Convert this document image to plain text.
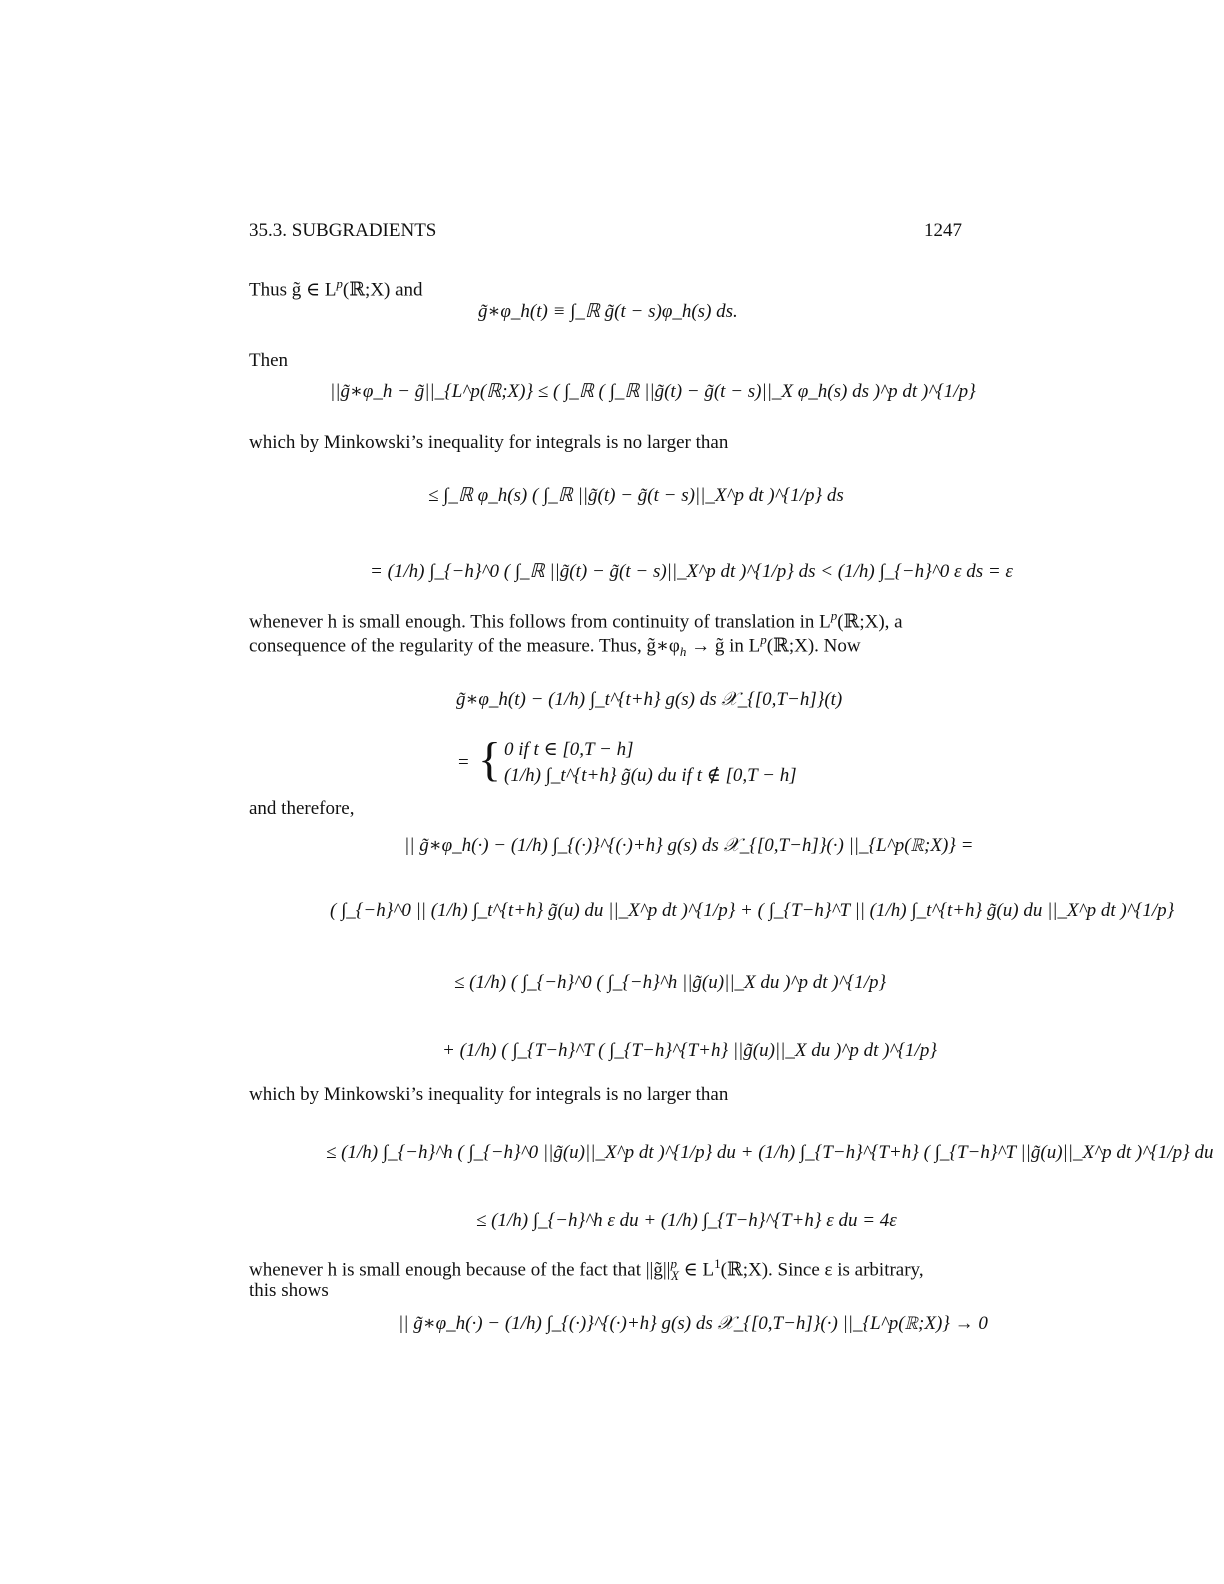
35.3. SUBGRADIENTS	1247
Thus g̃ ∈ $L^p(ℝ;X)$ and
g̃∗φ_h(t) ≡ ∫_ℝ g̃(t − s)φ_h(s) ds.
Then
||g̃∗φ_h − g̃||_{L^p(ℝ;X)} ≤ ( ∫_ℝ ( ∫_ℝ ||g̃(t) − g̃(t − s)||_X φ_h(s) ds )^p dt )^{1/p}
which by Minkowski’s inequality for integrals is no larger than
≤ ∫_ℝ φ_h(s) ( ∫_ℝ ||g̃(t) − g̃(t − s)||_X^p dt )^{1/p} ds
= (1/h) ∫_{−h}^0 ( ∫_ℝ ||g̃(t) − g̃(t − s)||_X^p dt )^{1/p} ds < (1/h) ∫_{−h}^0 ε ds = ε
whenever h is small enough. This follows from continuity of translation in $L^p(ℝ;X)$, a
consequence of the regularity of the measure. Thus, $g̃∗\varphi_h$ → g̃ in $L^p(ℝ;X)$. Now
g̃∗φ_h(t) − (1/h) ∫_t^{t+h} g(s) ds 𝒳_{[0,T−h]}(t)
= { 0 if t ∈ [0,T − h]
(1/h) ∫_t^{t+h} g̃(u) du if t ∉ [0,T − h]
and therefore,
|| g̃∗φ_h(·) − (1/h) ∫_{(·)}^{(·)+h} g(s) ds 𝒳_{[0,T−h]}(·) ||_{L^p(ℝ;X)} =
( ∫_{−h}^0 || (1/h) ∫_t^{t+h} g̃(u) du ||_X^p dt )^{1/p} + ( ∫_{T−h}^T || (1/h) ∫_t^{t+h} g̃(u) du ||_X^p dt )^{1/p}
≤ (1/h) ( ∫_{−h}^0 ( ∫_{−h}^h ||g̃(u)||_X du )^p dt )^{1/p}
+ (1/h) ( ∫_{T−h}^T ( ∫_{T−h}^{T+h} ||g̃(u)||_X du )^p dt )^{1/p}
which by Minkowski’s inequality for integrals is no larger than
≤ (1/h) ∫_{−h}^h ( ∫_{−h}^0 ||g̃(u)||_X^p dt )^{1/p} du + (1/h) ∫_{T−h}^{T+h} ( ∫_{T−h}^T ||g̃(u)||_X^p dt )^{1/p} du
≤ (1/h) ∫_{−h}^h ε du + (1/h) ∫_{T−h}^{T+h} ε du = 4ε
whenever h is small enough because of the fact that $||g̃||^p_X$ ∈ $L^1(ℝ;X)$. Since ε is arbitrary,
this shows
|| g̃∗φ_h(·) − (1/h) ∫_{(·)}^{(·)+h} g(s) ds 𝒳_{[0,T−h]}(·) ||_{L^p(ℝ;X)} → 0
